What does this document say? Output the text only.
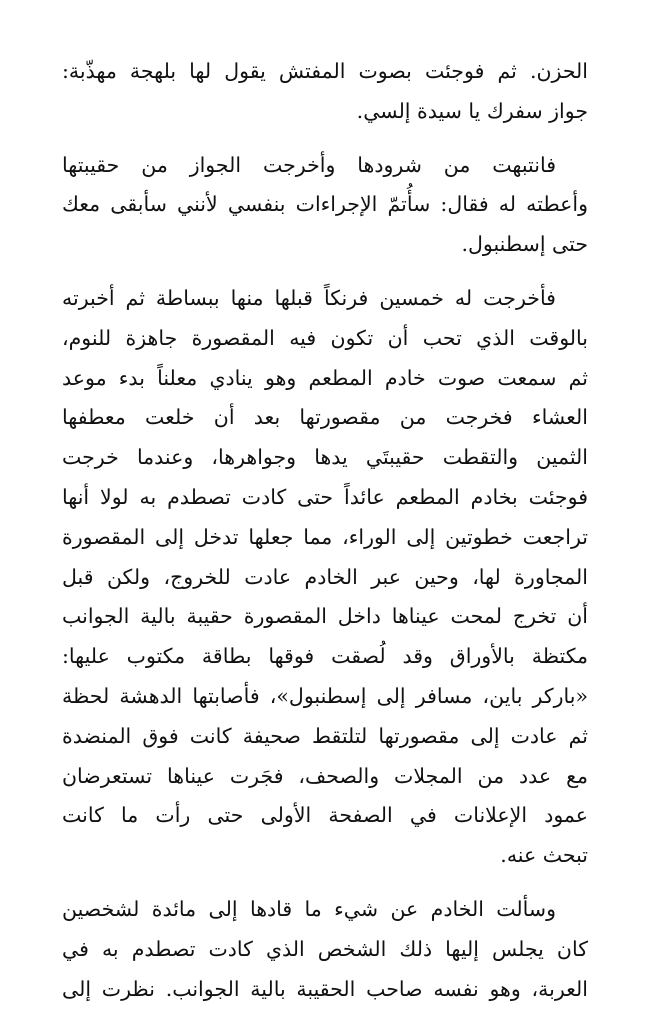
الحزن. ثم فوجئت بصوت المفتش يقول لها بلهجة مهذّبة:
جواز سفرك يا سيدة إلسي.

فانتبهت من شرودها وأخرجت الجواز من حقيبتها
وأعطته له فقال: سأُتمّ الإجراءات بنفسي لأنني سأبقى معك
حتى إسطنبول.

فأخرجت له خمسين فرنكاً قبلها منها ببساطة ثم أخبرته
بالوقت الذي تحب أن تكون فيه المقصورة جاهزة للنوم،
ثم سمعت صوت خادم المطعم وهو ينادي معلناً بدء موعد
العشاء فخرجت من مقصورتها بعد أن خلعت معطفها
الثمين والتقطت حقيبتَي يدها وجواهرها، وعندما خرجت
فوجئت بخادم المطعم عائداً حتى كادت تصطدم به لولا أنها
تراجعت خطوتين إلى الوراء، مما جعلها تدخل إلى المقصورة
المجاورة لها، وحين عبر الخادم عادت للخروج، ولكن قبل
أن تخرج لمحت عيناها داخل المقصورة حقيبة بالية الجوانب
مكتظة بالأوراق وقد لُصقت فوقها بطاقة مكتوب عليها:
«باركر باين، مسافر إلى إسطنبول»، فأصابتها الدهشة لحظة
ثم عادت إلى مقصورتها لتلتقط صحيفة كانت فوق المنضدة
مع عدد من المجلات والصحف، فجَرت عيناها تستعرضان
عمود الإعلانات في الصفحة الأولى حتى رأت ما كانت
تبحث عنه.

وسألت الخادم عن شيء ما قادها إلى مائدة لشخصين
كان يجلس إليها ذلك الشخص الذي كادت تصطدم به في
العربة، وهو نفسه صاحب الحقيبة بالية الجوانب. نظرت إلى
